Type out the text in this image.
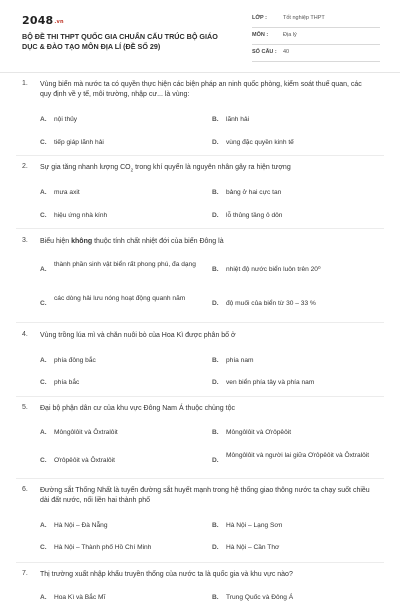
2048.vn
BỘ ĐỀ THI THPT QUỐC GIA CHUẨN CẤU TRÚC BỘ GIÁO DỤC & ĐÀO TẠO MÔN ĐỊA LÍ (ĐỀ SỐ 29)
LỚP :	Tốt nghiệp THPT
MÔN :	Địa lý
SỐ CÂU : 40
1. Vùng biển mà nước ta có quyền thực hiện các biện pháp an ninh quốc phòng, kiểm soát thuế quan, các quy định về y tế, môi trường, nhập cư... là vùng:
A. nội thủy	B. lãnh hải
C. tiếp giáp lãnh hải	D. vùng đặc quyền kinh tế
2. Sự gia tăng nhanh lượng $CO_2$ trong khí quyển là nguyên nhân gây ra hiện tượng
A. mưa axit	B. bảng ở hai cực tan
C. hiệu ứng nhà kính	D. lỗ thủng tầng ô dôn
3. Biểu hiện không thuộc tính chất nhiệt đới của biển Đông là
A.
thành phần sinh vật biển rất phong phú, đa dạng
B. nhiệt độ nước biển luôn trên 20⁰
C.
các dòng hải lưu nóng hoạt động quanh năm
D. độ muối của biển từ 30 – 33 %
4. Vùng trồng lúa mì và chăn nuôi bò của Hoa Kì được phân bố ở
A. phía đông bắc	B. phía nam
C. phía bắc	D. ven biển phía tây và phía nam
5. Đại bộ phận dân cư của khu vực Đông Nam Á thuộc chủng tộc
A. Môngôlôit và Ôxtralôit	B. Môngôlôit và Ơrôpêôit
C. Ơrôpêôit và Ôxtralôit	D.
Môngôlôit và người lai giữa Ơrôpêôit và Ôxtralôit
6. Đường sắt Thống Nhất là tuyến đường sắt huyết mạnh trong hệ thống giao thông nước ta chạy suốt chiều dài đất nước, nối liền hai thành phố
A. Hà Nội – Đà Nẵng	B. Hà Nội – Lạng Sơn
C. Hà Nội – Thành phố Hồ Chí Minh	D. Hà Nội – Cần Thơ
7. Thị trường xuất nhập khẩu truyền thống của nước ta là quốc gia và khu vực nào?
A. Hoa Kì và Bắc Mĩ	B. Trung Quốc và Đông Á
